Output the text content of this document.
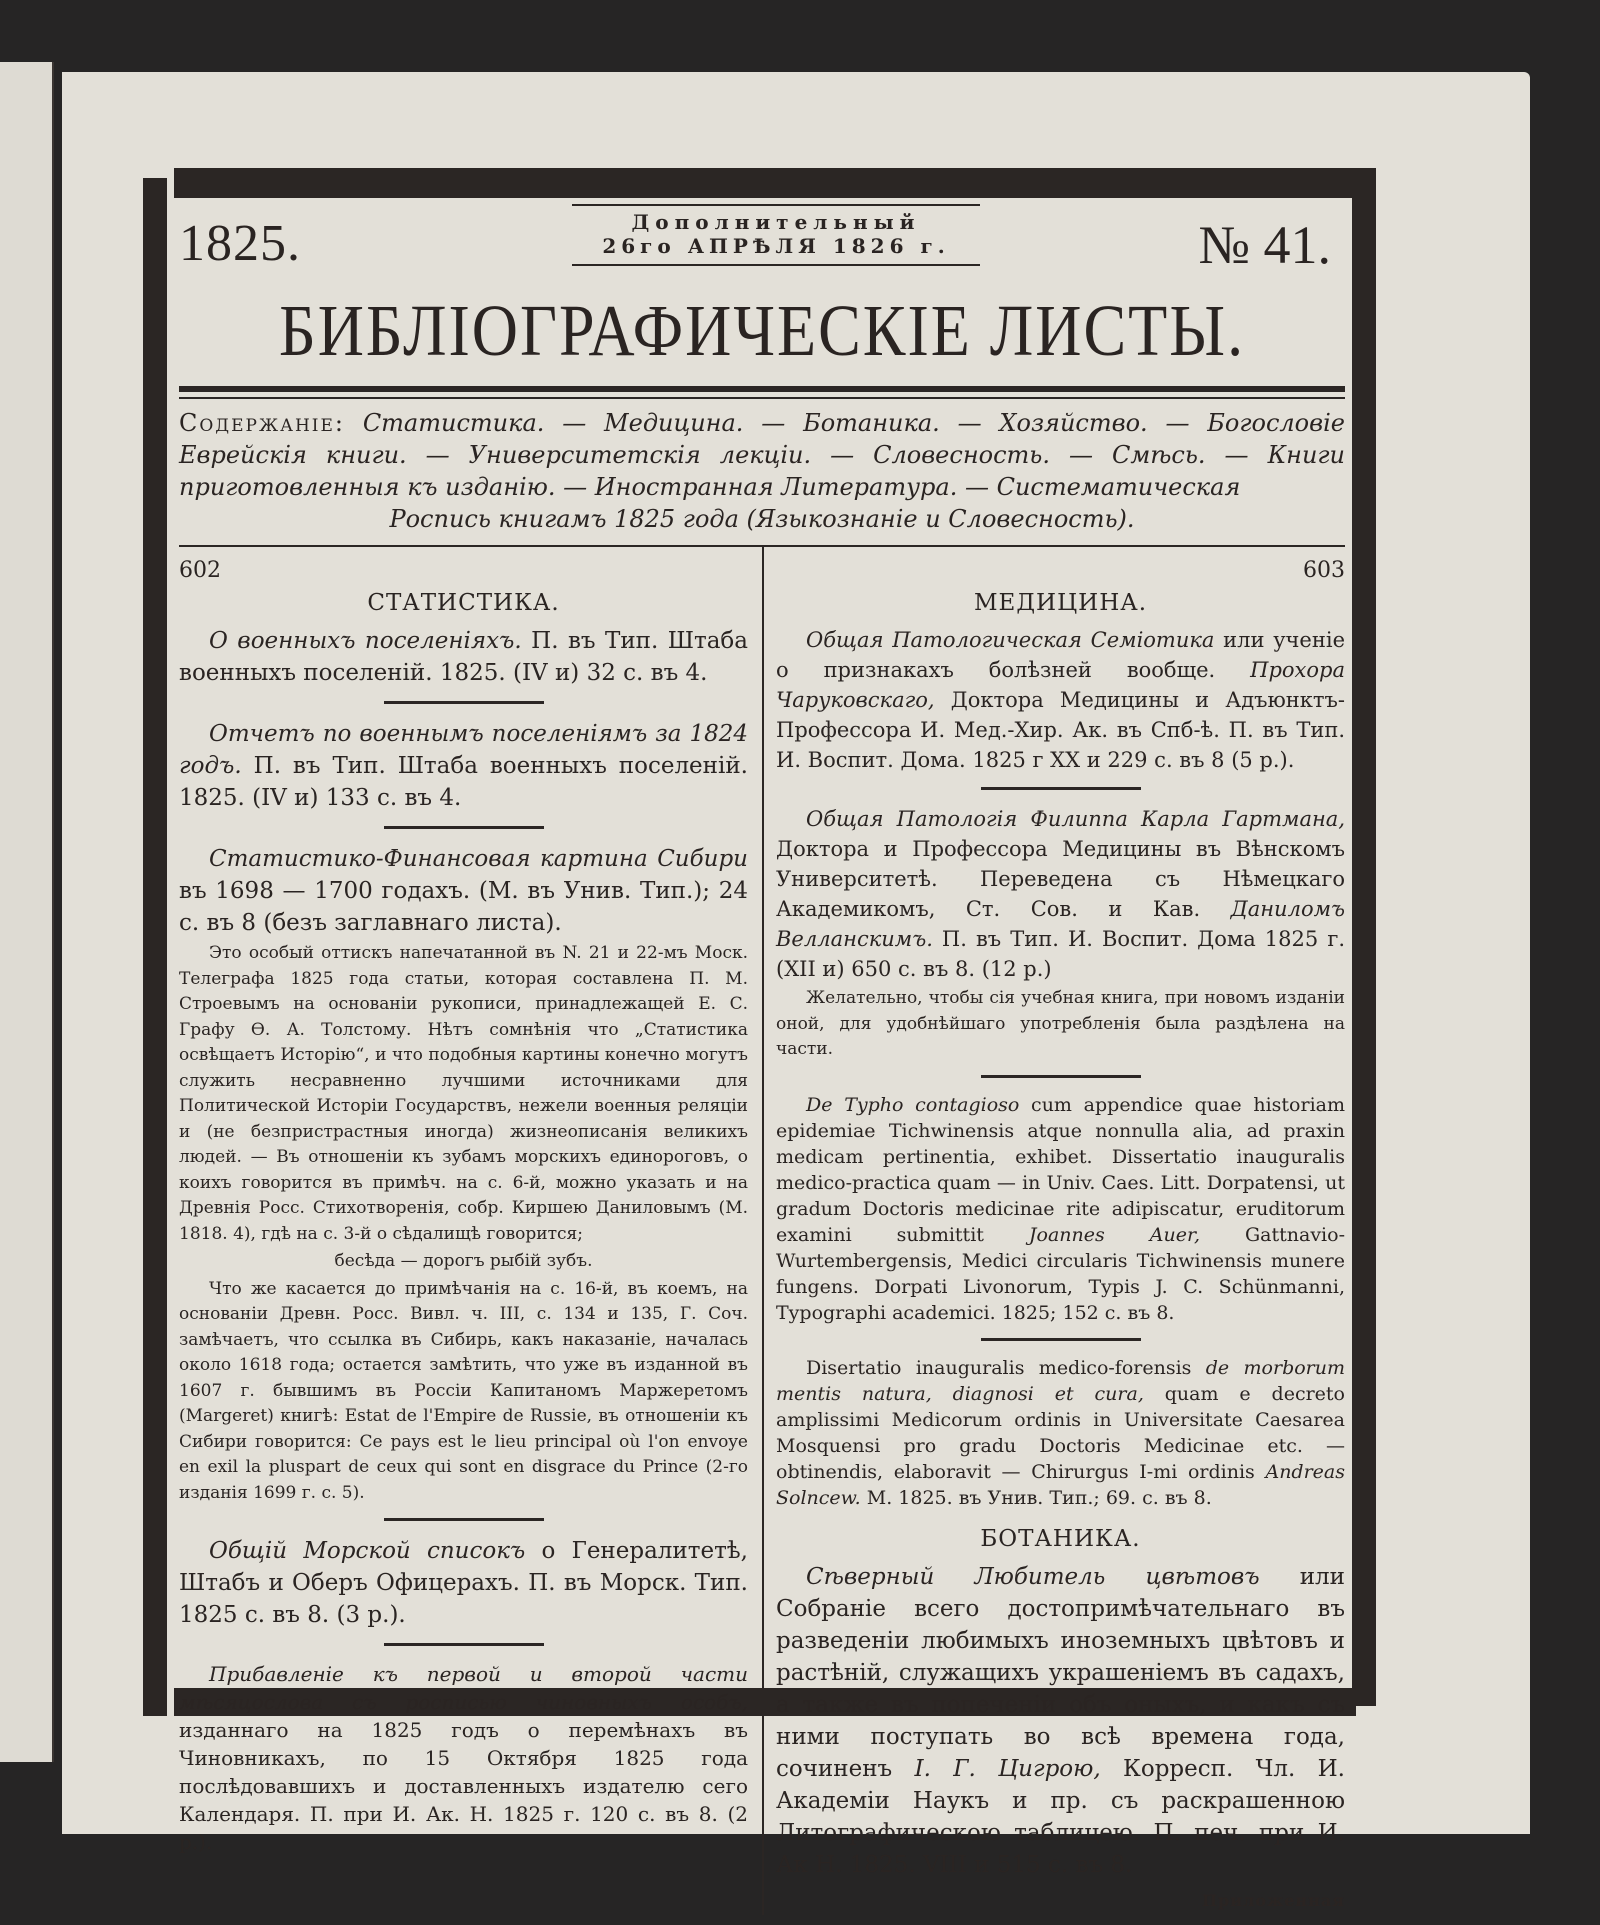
1825.	Дополнительный
26го АПРѢЛЯ 1826 г.	№ 41.
БИБЛІОГРАФИЧЕСКІЕ ЛИСТЫ.
Содержаніе: Статистика. — Медицина. — Ботаника. — Хозяйство. — Богословіе Еврейскія книги. — Университетскія лекціи. — Словесность. — Смѣсь. — Книги приготовленныя къ изданію. — Иностранная Литература. — Систематическая
Роспись книгамъ 1825 года (Языкознаніе и Словесность).
602
СТАТИСТИКА.

О военныхъ поселеніяхъ. П. въ Тип. Штаба военныхъ поселеній. 1825. (IV и) 32 с. въ 4.

Отчетъ по военнымъ поселеніямъ за 1824 годъ. П. въ Тип. Штаба военныхъ поселеній. 1825. (IV и) 133 с. въ 4.

Статистико-Финансовая картина Сибири въ 1698 — 1700 годахъ. (М. въ Унив. Тип.); 24 с. въ 8 (безъ заглавнаго листа).

Это особый оттискъ напечатанной въ N. 21 и 22-мъ Моск. Телеграфа 1825 года статьи, которая составлена П. М. Строевымъ на основаніи рукописи, принадлежащей Е. С. Графу Ѳ. А. Толстому. Нѣтъ сомнѣнія что „Статистика освѣщаетъ Исторію“, и что подобныя картины конечно могутъ служить несравненно лучшими источниками для Политической Исторіи Государствъ, нежели военныя реляціи и (не безпристрастныя иногда) жизнеописанія великихъ людей. — Въ отношеніи къ зубамъ морскихъ единороговъ, о коихъ говорится въ примѣч. на с. 6-й, можно указать и на Древнія Росс. Стихотворенія, собр. Киршею Даниловымъ (М. 1818. 4), гдѣ на с. 3-й о сѣдалищѣ говорится;

бесѣда — дорогъ рыбій зубъ.

Что же касается до примѣчанія на с. 16-й, въ коемъ, на основаніи Древн. Росс. Вивл. ч. III, с. 134 и 135, Г. Соч. замѣчаетъ, что ссылка въ Сибирь, какъ наказаніе, началась около 1618 года; остается замѣтить, что уже въ изданной въ 1607 г. бывшимъ въ Россіи Капитаномъ Маржеретомъ (Margeret) книгѣ: Estat de l'Empire de Russie, въ отношеніи къ Сибири говорится: Ce pays est le lieu principal où l'on envoye en exil la pluspart de ceux qui sont en disgrace du Prince (2-го изданія 1699 г. с. 5).

Общій Морской списокъ о Генералитетѣ, Штабъ и Оберъ Офицерахъ. П. въ Морск. Тип. 1825 с. въ 8. (3 р.).

Прибавленіе къ первой и второй части мѣсяцослова съ росписью чиновныхъ особъ, изданнаго на 1825 годъ о перемѣнахъ въ Чиновникахъ, по 15 Октября 1825 года послѣдовавшихъ и доставленныхъ издателю сего Календаря. П. при И. Ак. Н. 1825 г. 120 с. въ 8. (2 р.).

603
МЕДИЦИНА.

Общая Патологическая Семіотика или ученіе о признакахъ болѣзней вообще. Прохора Чаруковскаго, Доктора Медицины и Адъюнктъ-Профессора И. Мед.-Хир. Ак. въ Спб-ѣ. П. въ Тип. И. Воспит. Дома. 1825 г XX и 229 с. въ 8 (5 р.).

Общая Патологія Филиппа Карла Гартмана, Доктора и Профессора Медицины въ Вѣнскомъ Университетѣ. Переведена съ Нѣмецкаго Академикомъ, Ст. Сов. и Кав. Даниломъ Велланскимъ. П. въ Тип. И. Воспит. Дома 1825 г. (XII и) 650 с. въ 8. (12 р.)

Желательно, чтобы сія учебная книга, при новомъ изданіи оной, для удобнѣйшаго употребленія была раздѣлена на части.

De Typho contagioso cum appendice quae historiam epidemiae Tichwinensis atque nonnulla alia, ad praxin medicam pertinentia, exhibet. Dissertatio inauguralis medico-practica quam — in Univ. Caes. Litt. Dorpatensi, ut gradum Doctoris medicinae rite adipiscatur, eruditorum examini submittit Joannes Auer, Gattnavio-Wurtembergensis, Medici circularis Tichwinensis munere fungens. Dorpati Livonorum, Typis J. C. Schünmanni, Typographi academici. 1825; 152 с. въ 8.

Disertatio inauguralis medico-forensis de morborum mentis natura, diagnosi et cura, quam e decreto amplissimi Medicorum ordinis in Universitate Caesarea Mosquensi pro gradu Doctoris Medicinae etc. — obtinendis, elaboravit — Chirurgus I-mi ordinis Andreas Solncew. M. 1825. въ Унив. Тип.; 69. с. въ 8.

БОТАНИКА.

Сѣверный Любитель цвѣтовъ или Собраніе всего достопримѣчательнаго въ разведеніи любимыхъ иноземныхъ цвѣтовъ и растѣній, служащихъ украшеніемъ въ садахъ, а также въ попеченіи объ оныхъ, и какъ съ ними поступать во всѣ времена года, сочиненъ I. Г. Цигрою, Корресп. Чл. И. Академіи Наукъ и пр. съ раскрашенною Литографическою таблицею. П. печ. при И. Ак Н. 1825. VIII и 515 с. въ 8.

Приложенная
